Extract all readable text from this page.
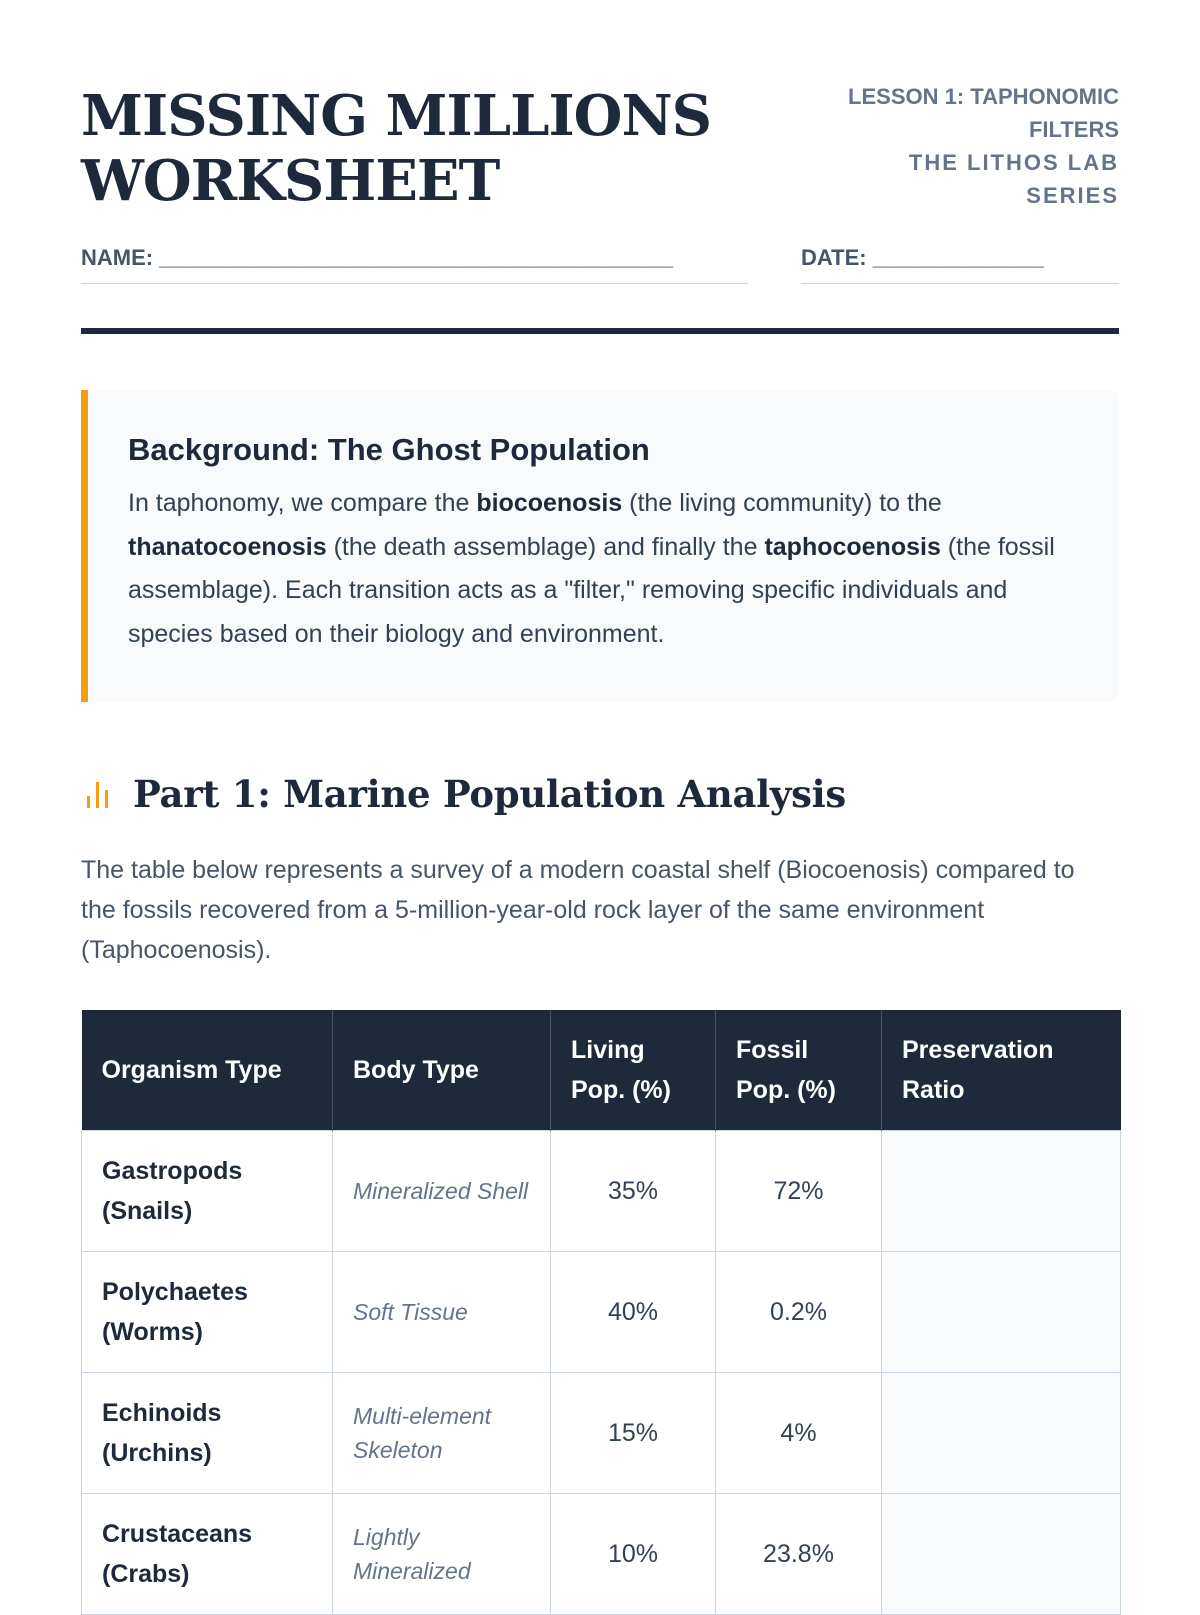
MISSING MILLIONS
WORKSHEET
LESSON 1: TAPHONOMIC FILTERS
THE LITHOS LAB SERIES
NAME: __________________________________________	DATE: ______________
Background: The Ghost Population

In taphonomy, we compare the biocoenosis (the living community) to the thanatocoenosis (the death assemblage) and finally the taphocoenosis (the fossil assemblage). Each transition acts as a "filter," removing specific individuals and species based on their biology and environment.

Part 1: Marine Population Analysis

The table below represents a survey of a modern coastal shelf (Biocoenosis) compared to the fossils recovered from a 5-million-year-old rock layer of the same environment (Taphocoenosis).

Organism Type	Body Type	Living Pop. (%)	Fossil Pop. (%)	Preservation Ratio
Gastropods (Snails)	Mineralized Shell	35%	72%	
Polychaetes (Worms)	Soft Tissue	40%	0.2%	
Echinoids (Urchins)	Multi-element Skeleton	15%	4%	
Crustaceans (Crabs)	Lightly Mineralized	10%	23.8%	
